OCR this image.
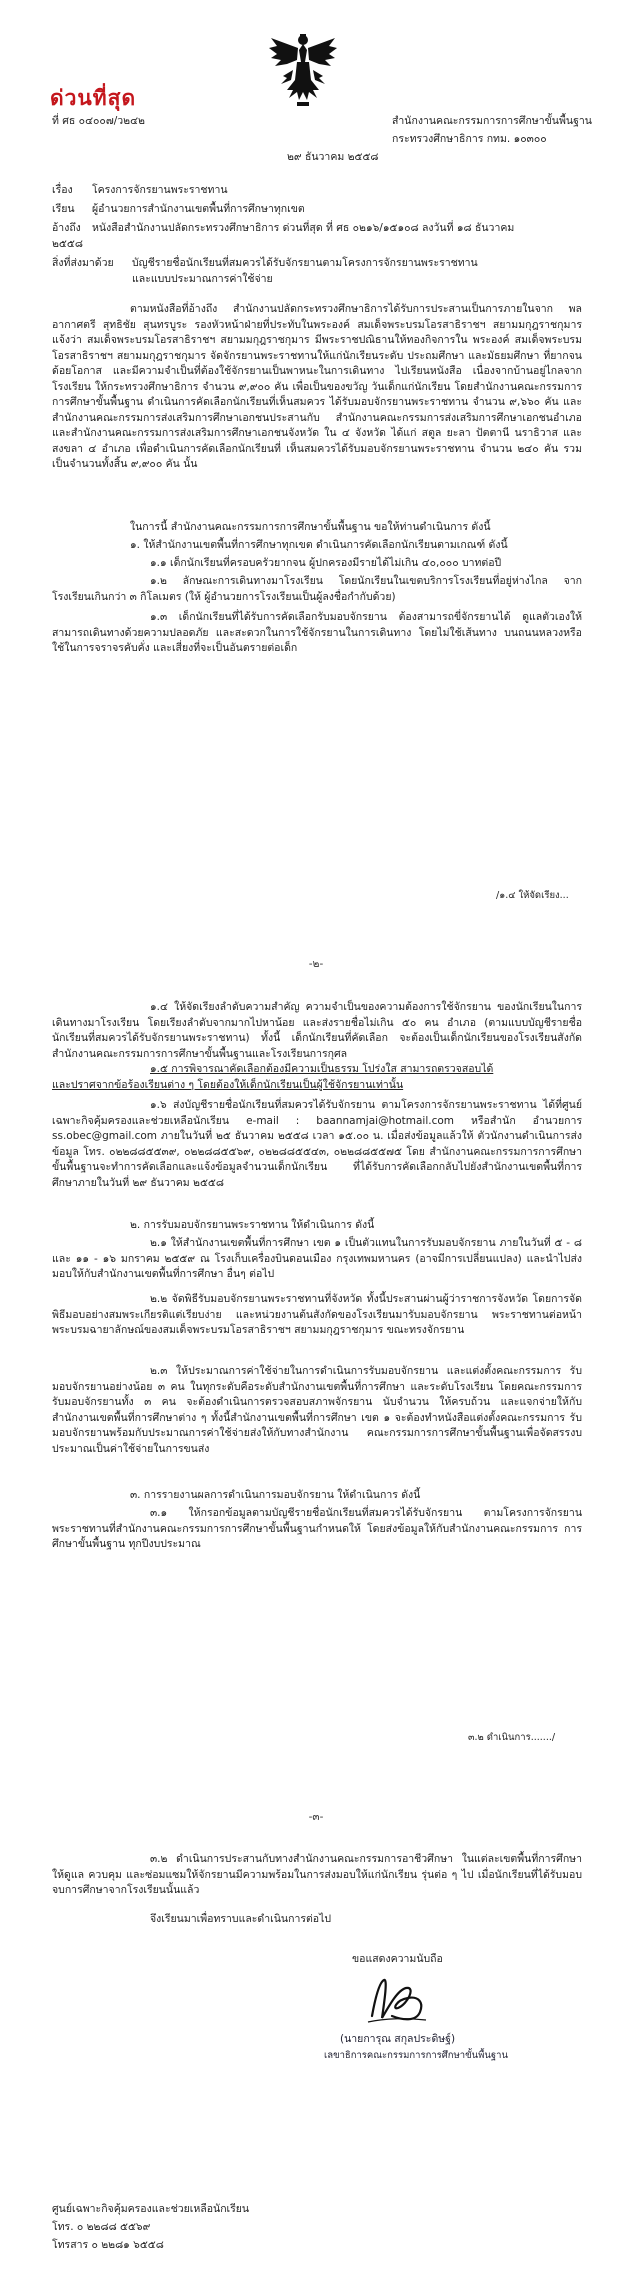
ด่วนที่สุด
ที่ ศธ ๐๔๐๐๗/ว๒๔๒	สำนักงานคณะกรรมการการศึกษาขั้นพื้นฐาน
กระทรวงศึกษาธิการ กทม. ๑๐๓๐๐
๒๙ ธันวาคม ๒๕๕๘
เรื่อง โครงการจักรยานพระราชทาน
เรียน ผู้อำนวยการสำนักงานเขตพื้นที่การศึกษาทุกเขต
อ้างถึง หนังสือสำนักงานปลัดกระทรวงศึกษาธิการ ด่วนที่สุด ที่ ศธ ๐๒๑๖/๑๕๑๐๘ ลงวันที่ ๑๘ ธันวาคม
๒๕๕๘
สิ่งที่ส่งมาด้วย บัญชีรายชื่อนักเรียนที่สมควรได้รับจักรยานตามโครงการจักรยานพระราชทาน
และแบบประมาณการค่าใช้จ่าย

ตามหนังสือที่อ้างถึง สำนักงานปลัดกระทรวงศึกษาธิการได้รับการประสานเป็นการภายในจาก พลอากาศตรี สุทธิชัย สุนทรบูระ รองหัวหน้าฝ่ายที่ประทับในพระองค์ สมเด็จพระบรมโอรสาธิราชฯ สยามมกุฎราชกุมาร แจ้งว่า สมเด็จพระบรมโอรสาธิราชฯ สยามมกุฎราชกุมาร มีพระราชปณิธานให้ทองกิจการใน พระองค์ สมเด็จพระบรมโอรสาธิราชฯ สยามมกุฎราชกุมาร จัดจักรยานพระราชทานให้แก่นักเรียนระดับ ประถมศึกษา และมัธยมศึกษา ที่ยากจน ด้อยโอกาส และมีความจำเป็นที่ต้องใช้จักรยานเป็นพาหนะในการเดินทาง ไปเรียนหนังสือ เนื่องจากบ้านอยู่ไกลจากโรงเรียน ให้กระทรวงศึกษาธิการ จำนวน ๙,๙๐๐ คัน เพื่อเป็นของขวัญ วันเด็กแก่นักเรียน โดยสำนักงานคณะกรรมการการศึกษาขั้นพื้นฐาน ดำเนินการคัดเลือกนักเรียนที่เห็นสมควร ได้รับมอบจักรยานพระราชทาน จำนวน ๙,๖๖๐ คัน และสำนักงานคณะกรรมการส่งเสริมการศึกษาเอกชนประสานกับ สำนักงานคณะกรรมการส่งเสริมการศึกษาเอกชนอำเภอ และสำนักงานคณะกรรมการส่งเสริมการศึกษาเอกชนจังหวัด ใน ๔ จังหวัด ได้แก่ สตูล ยะลา ปัตตานี นราธิวาส และสงขลา ๔ อำเภอ เพื่อดำเนินการคัดเลือกนักเรียนที่ เห็นสมควรได้รับมอบจักรยานพระราชทาน จำนวน ๒๔๐ คัน รวมเป็นจำนวนทั้งสิ้น ๙,๙๐๐ คัน นั้น

ในการนี้ สำนักงานคณะกรรมการการศึกษาขั้นพื้นฐาน ขอให้ท่านดำเนินการ ดังนี้

๑. ให้สำนักงานเขตพื้นที่การศึกษาทุกเขต ดำเนินการคัดเลือกนักเรียนตามเกณฑ์ ดังนี้

๑.๑ เด็กนักเรียนที่ครอบครัวยากจน ผู้ปกครองมีรายได้ไม่เกิน ๔๐,๐๐๐ บาทต่อปี

๑.๒ ลักษณะการเดินทางมาโรงเรียน โดยนักเรียนในเขตบริการโรงเรียนที่อยู่ห่างไกล จากโรงเรียนเกินกว่า ๓ กิโลเมตร (ให้ ผู้อำนวยการโรงเรียนเป็นผู้ลงชื่อกำกับด้วย)

๑.๓ เด็กนักเรียนที่ได้รับการคัดเลือกรับมอบจักรยาน ต้องสามารถขี่จักรยานได้ ดูแลตัวเองให้สามารถเดินทางด้วยความปลอดภัย และสะดวกในการใช้จักรยานในการเดินทาง โดยไม่ใช้เส้นทาง บนถนนหลวงหรือใช้ในการจราจรคับคั่ง และเสี่ยงที่จะเป็นอันตรายต่อเด็ก

/๑.๔ ให้จัดเรียง...
-๒-

๑.๔ ให้จัดเรียงลำดับความสำคัญ ความจำเป็นของความต้องการใช้จักรยาน ของนักเรียนในการเดินทางมาโรงเรียน โดยเรียงลำดับจากมากไปหาน้อย และส่งรายชื่อไม่เกิน ๕๐ คน อำเภอ (ตามแบบบัญชีรายชื่อนักเรียนที่สมควรได้รับจักรยานพระราชทาน) ทั้งนี้ เด็กนักเรียนที่คัดเลือก จะต้องเป็นเด็กนักเรียนของโรงเรียนสังกัดสำนักงานคณะกรรมการการศึกษาขั้นพื้นฐานและโรงเรียนการกุศล

๑.๕ การพิจารณาคัดเลือกต้องมีความเป็นธรรม โปร่งใส สามารถตรวจสอบได้

และปราศจากข้อร้องเรียนต่าง ๆ โดยต้องให้เด็กนักเรียนเป็นผู้ใช้จักรยานเท่านั้น

๑.๖ ส่งบัญชีรายชื่อนักเรียนที่สมควรได้รับจักรยาน ตามโครงการจักรยานพระราชทาน ได้ที่ศูนย์เฉพาะกิจคุ้มครองและช่วยเหลือนักเรียน e-mail : baannamjai@hotmail.com หรือสำนัก อำนวยการ ss.obec@gmail.com ภายในวันที่ ๒๕ ธันวาคม ๒๕๕๘ เวลา ๑๕.๐๐ น. เมื่อส่งข้อมูลแล้วให้ ตัวนักงานดำเนินการส่งข้อมูล โทร. ๐๒๒๘๘๕๕๓๙, ๐๒๒๘๘๕๕๖๙, ๐๒๒๘๘๕๕๔๓, ๐๒๒๘๘๕๕๗๕ โดย สำนักงานคณะกรรมการการศึกษาขั้นพื้นฐานจะทำการคัดเลือกและแจ้งข้อมูลจำนวนเด็กนักเรียน ที่ได้รับการคัดเลือกกลับไปยังสำนักงานเขตพื้นที่การศึกษาภายในวันที่ ๒๙ ธันวาคม ๒๕๕๘

๒. การรับมอบจักรยานพระราชทาน ให้ดำเนินการ ดังนี้

๒.๑ ให้สำนักงานเขตพื้นที่การศึกษา เขต ๑ เป็นตัวแทนในการรับมอบจักรยาน ภายในวันที่ ๕ - ๘ และ ๑๑ - ๑๖ มกราคม ๒๕๕๙ ณ โรงเก็บเครื่องบินดอนเมือง กรุงเทพมหานคร (อาจมีการเปลี่ยนแปลง) และนำไปส่งมอบให้กับสำนักงานเขตพื้นที่การศึกษา อื่นๆ ต่อไป

๒.๒ จัดพิธีรับมอบจักรยานพระราชทานที่จังหวัด ทั้งนี้ประสานผ่านผู้ว่าราชการจังหวัด โดยการจัดพิธีมอบอย่างสมพระเกียรติแต่เรียบง่าย และหน่วยงานต้นสังกัดของโรงเรียนมารับมอบจักรยาน พระราชทานต่อหน้าพระบรมฉายาลักษณ์ของสมเด็จพระบรมโอรสาธิราชฯ สยามมกุฎราชกุมาร ขณะทรงจักรยาน

๒.๓ ให้ประมาณการค่าใช้จ่ายในการดำเนินการรับมอบจักรยาน และแต่งตั้งคณะกรรมการ รับมอบจักรยานอย่างน้อย ๓ คน ในทุกระดับคือระดับสำนักงานเขตพื้นที่การศึกษา และระดับโรงเรียน โดยคณะกรรมการรับมอบจักรยานทั้ง ๓ คน จะต้องดำเนินการตรวจสอบสภาพจักรยาน นับจำนวน ให้ครบถ้วน และแจกจ่ายให้กับสำนักงานเขตพื้นที่การศึกษาต่าง ๆ ทั้งนี้สำนักงานเขตพื้นที่การศึกษา เขต ๑ จะต้องทำหนังสือแต่งตั้งคณะกรรมการ รับมอบจักรยานพร้อมกับประมาณการค่าใช้จ่ายส่งให้กับทางสำนักงาน คณะกรรมการการศึกษาขั้นพื้นฐานเพื่อจัดสรรงบประมาณเป็นค่าใช้จ่ายในการขนส่ง

๓. การรายงานผลการดำเนินการมอบจักรยาน ให้ดำเนินการ ดังนี้

๓.๑ ให้กรอกข้อมูลตามบัญชีรายชื่อนักเรียนที่สมควรได้รับจักรยาน ตามโครงการจักรยาน พระราชทานที่สำนักงานคณะกรรมการการศึกษาขั้นพื้นฐานกำหนดให้ โดยส่งข้อมูลให้กับสำนักงานคณะกรรมการ การศึกษาขั้นพื้นฐาน ทุกปีงบประมาณ

๓.๒ ดำเนินการ......./
-๓-

๓.๒ ดำเนินการประสานกับทางสำนักงานคณะกรรมการอาชีวศึกษา ในแต่ละเขตพื้นที่การศึกษา ให้ดูแล ควบคุม และซ่อมแซมให้จักรยานมีความพร้อมในการส่งมอบให้แก่นักเรียน รุ่นต่อ ๆ ไป เมื่อนักเรียนที่ได้รับมอบ จบการศึกษาจากโรงเรียนนั้นแล้ว

จึงเรียนมาเพื่อทราบและดำเนินการต่อไป

ขอแสดงความนับถือ
(นายการุณ สกุลประดิษฐ์)
เลขาธิการคณะกรรมการการศึกษาขั้นพื้นฐาน
ศูนย์เฉพาะกิจคุ้มครองและช่วยเหลือนักเรียน
โทร. ๐ ๒๒๘๘ ๕๕๖๙
โทรสาร ๐ ๒๒๘๑ ๖๕๕๘
